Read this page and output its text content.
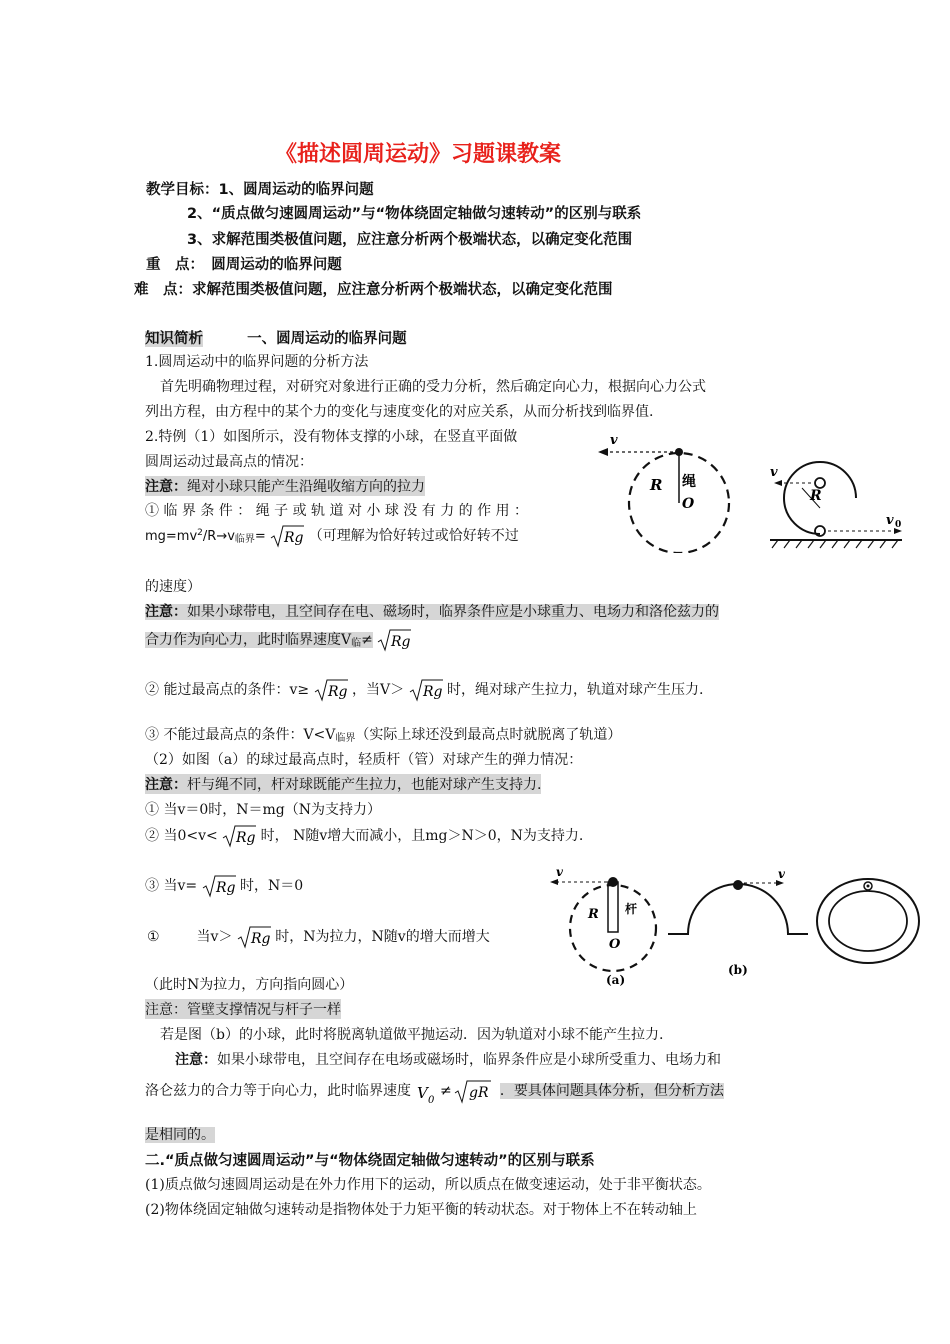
《描述圆周运动》习题课教案
教学目标：1、圆周运动的临界问题
2、“质点做匀速圆周运动”与“物体绕固定轴做匀速转动”的区别与联系
3、求解范围类极值问题，应注意分析两个极端状态，以确定变化范围
重　点：　圆周运动的临界问题
难　点：求解范围类极值问题，应注意分析两个极端状态，以确定变化范围
知识简析	一、圆周运动的临界问题
1.圆周运动中的临界问题的分析方法
首先明确物理过程，对研究对象进行正确的受力分析，然后确定向心力，根据向心力公式
列出方程，由方程中的某个力的变化与速度变化的对应关系，从而分析找到临界值.
2.特例（1）如图所示，没有物体支撑的小球，在竖直平面做
圆周运动过最高点的情况：
注意：绳对小球只能产生沿绳收缩方向的拉力
① 临 界 条 件 ： 绳 子 或 轨 道 对 小 球 没 有 力 的 作 用 ：
$mg=mv^2/R\to v_{临界}= Rg$ （可理解为恰好转过或恰好转不过
的速度）
注意：如果小球带电，且空间存在电、磁场时，临界条件应是小球重力、电场力和洛伦兹力的
合力作为向心力，此时临界速度$V_临\ne Rg$
② 能过最高点的条件：v≥ Rg ，当V＞ Rg 时，绳对球产生拉力，轨道对球产生压力.
③ 不能过最高点的条件：$V<V_{临界}$（实际上球还没到最高点时就脱离了轨道）
（2）如图（a）的球过最高点时，轻质杆（管）对球产生的弹力情况：
注意：杆与绳不同，杆对球既能产生拉力，也能对球产生支持力.
① 当v＝0时，N＝mg（N为支持力）
② 当0<v< Rg 时， N随v增大而减小，且mg＞N＞0，N为支持力.
③ 当v= Rg 时，N＝0
①	当v＞ Rg 时，N为拉力，N随v的增大而增大
（此时N为拉力，方向指向圆心）
注意：管壁支撑情况与杆子一样
若是图（b）的小球，此时将脱离轨道做平抛运动．因为轨道对小球不能产生拉力.
注意：如果小球带电，且空间存在电场或磁场时，临界条件应是小球所受重力、电场力和
洛仑兹力的合力等于向心力，此时临界速度 V 0
≠ gR ．要具体问题具体分析，但分析方法
是相同的。
二.“质点做匀速圆周运动”与“物体绕固定轴做匀速转动”的区别与联系
(1)质点做匀速圆周运动是在外力作用下的运动，所以质点在做变速运动，处于非平衡状态。
(2)物体绕固定轴做匀速转动是指物体处于力矩平衡的转动状态。对于物体上不在转动轴上
v
R 绳
O
v
R
v 0
v
R 杆
O
(a)
v
(b)
